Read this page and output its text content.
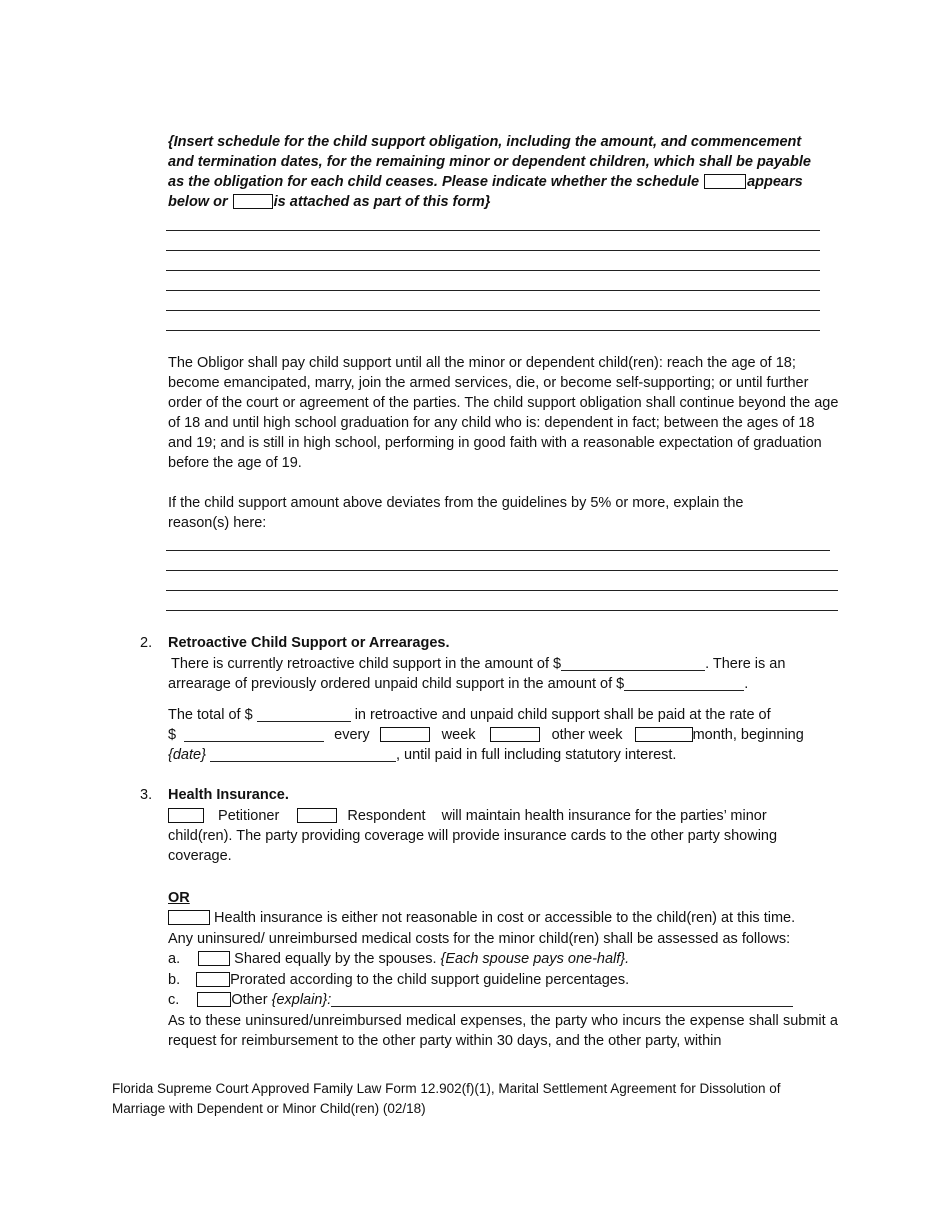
{Insert schedule for the child support obligation, including the amount, and commencement
and termination dates, for the remaining minor or dependent children, which shall be payable
as the obligation for each child ceases. Please indicate whether the schedule	appears
below or	is attached as part of this form}
The Obligor shall pay child support until all the minor or dependent child(ren): reach the age of 18; become emancipated, marry, join the armed services, die, or become self-supporting; or until further order of the court or agreement of the parties. The child support obligation shall continue beyond the age of 18 and until high school graduation for any child who is: dependent in fact; between the ages of 18 and 19; and is still in high school, performing in good faith with a reasonable expectation of graduation before the age of 19.
If the child support amount above deviates from the guidelines by 5% or more, explain the
reason(s) here:
2. Retroactive Child Support or Arrearages.
There is currently retroactive child support in the amount of $	. There is an
arrearage of previously ordered unpaid child support in the amount of $	.
The total of $	in retroactive and unpaid child support shall be paid at the rate of
$	every	week	other week	month, beginning
{date}	, until paid in full including statutory interest.
3. Health Insurance.
Petitioner	Respondent will maintain health insurance for the parties’ minor
child(ren). The party providing coverage will provide insurance cards to the other party showing coverage.
OR
Health insurance is either not reasonable in cost or accessible to the child(ren) at this time.
Any uninsured/ unreimbursed medical costs for the minor child(ren) shall be assessed as follows:
a.	Shared equally by the spouses. {Each spouse pays one-half}.
b.	Prorated according to the child support guideline percentages.
c.	Other {explain}:
As to these uninsured/unreimbursed medical expenses, the party who incurs the expense shall submit a request for reimbursement to the other party within 30 days, and the other party, within
Florida Supreme Court Approved Family Law Form 12.902(f)(1), Marital Settlement Agreement for Dissolution of
Marriage with Dependent or Minor Child(ren) (02/18)
